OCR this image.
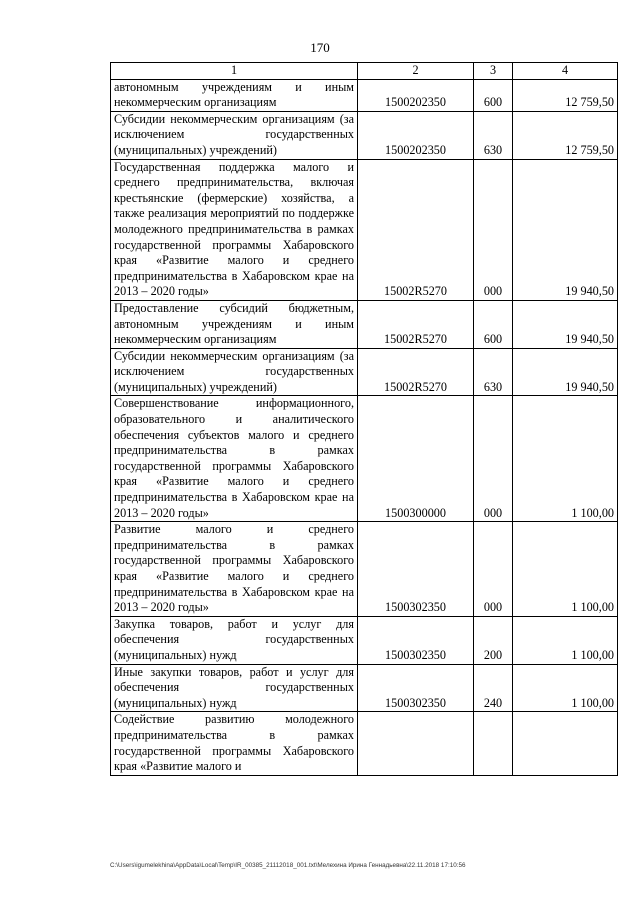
170
1	2	3	4
автономным учреждениям и иным некоммерческим организациям	1500202350	600	12 759,50
Субсидии некоммерческим организациям (за исключением государственных (муниципальных) учреждений)	1500202350	630	12 759,50
Государственная поддержка малого и среднего предпринимательства, включая крестьянские (фермерские) хозяйства, а также реализация мероприятий по поддержке молодежного предпринимательства в рамках государственной программы Хабаровского края «Развитие малого и среднего предпринимательства в Хабаровском крае на 2013 – 2020 годы»	15002R5270	000	19 940,50
Предоставление субсидий бюджетным, автономным учреждениям и иным некоммерческим организациям	15002R5270	600	19 940,50
Субсидии некоммерческим организациям (за исключением государственных (муниципальных) учреждений)	15002R5270	630	19 940,50
Совершенствование информационного, образовательного и аналитического обеспечения субъектов малого и среднего предпринимательства в рамках государственной программы Хабаровского края «Развитие малого и среднего предпринимательства в Хабаровском крае на 2013 – 2020 годы»	1500300000	000	1 100,00
Развитие малого и среднего предпринимательства в рамках государственной программы Хабаровского края «Развитие малого и среднего предпринимательства в Хабаровском крае на 2013 – 2020 годы»	1500302350	000	1 100,00
Закупка товаров, работ и услуг для обеспечения государственных (муниципальных) нужд	1500302350	200	1 100,00
Иные закупки товаров, работ и услуг для обеспечения государственных (муниципальных) нужд	1500302350	240	1 100,00
Содействие развитию молодежного предпринимательства в рамках государственной программы Хабаровского края «Развитие малого и			
C:\Users\igumelekhina\AppData\Local\Temp\IR_00385_21112018_001.txt\Мелехина Ирина Геннадьевна\22.11.2018 17:10:56
